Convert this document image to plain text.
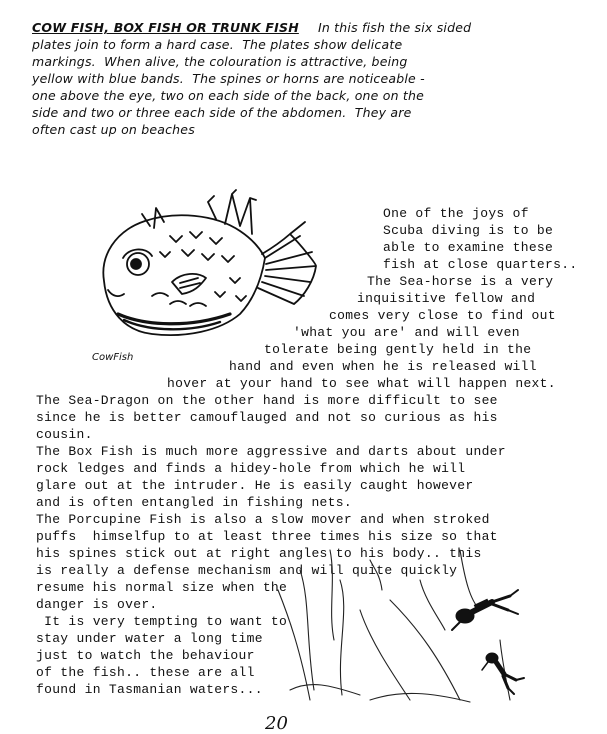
COW FISH, BOX FISH OR TRUNK FISH In this fish the six sided
plates join to form a hard case.  The plates show delicate
markings.  When alive, the colouration is attractive, being
yellow with blue bands.  The spines or horns are noticeable -
one above the eye, two on each side of the back, one on the
side and two or three each side of the abdomen.  They are
often cast up on beaches
CowFish
One of the joys of
Scuba diving is to be
able to examine these
fish at close quarters..
The Sea-horse is a very
inquisitive fellow and
comes very close to find out
'what you are' and will even
tolerate being gently held in the
hand and even when he is released will
hover at your hand to see what will happen next.
The Sea-Dragon on the other hand is more difficult to see
since he is better camouflauged and not so curious as his
cousin.
The Box Fish is much more aggressive and darts about under
rock ledges and finds a hidey-hole from which he will
glare out at the intruder. He is easily caught however
and is often entangled in fishing nets.
The Porcupine Fish is also a slow mover and when stroked
puffs  himselfup to at least three times his size so that
his spines stick out at right angles to his body.. this
is really a defense mechanism and will quite quickly
resume his normal size when the
danger is over.
It is very tempting to want to
stay under water a long time
just to watch the behaviour
of the fish.. these are all
found in Tasmanian waters...
20
